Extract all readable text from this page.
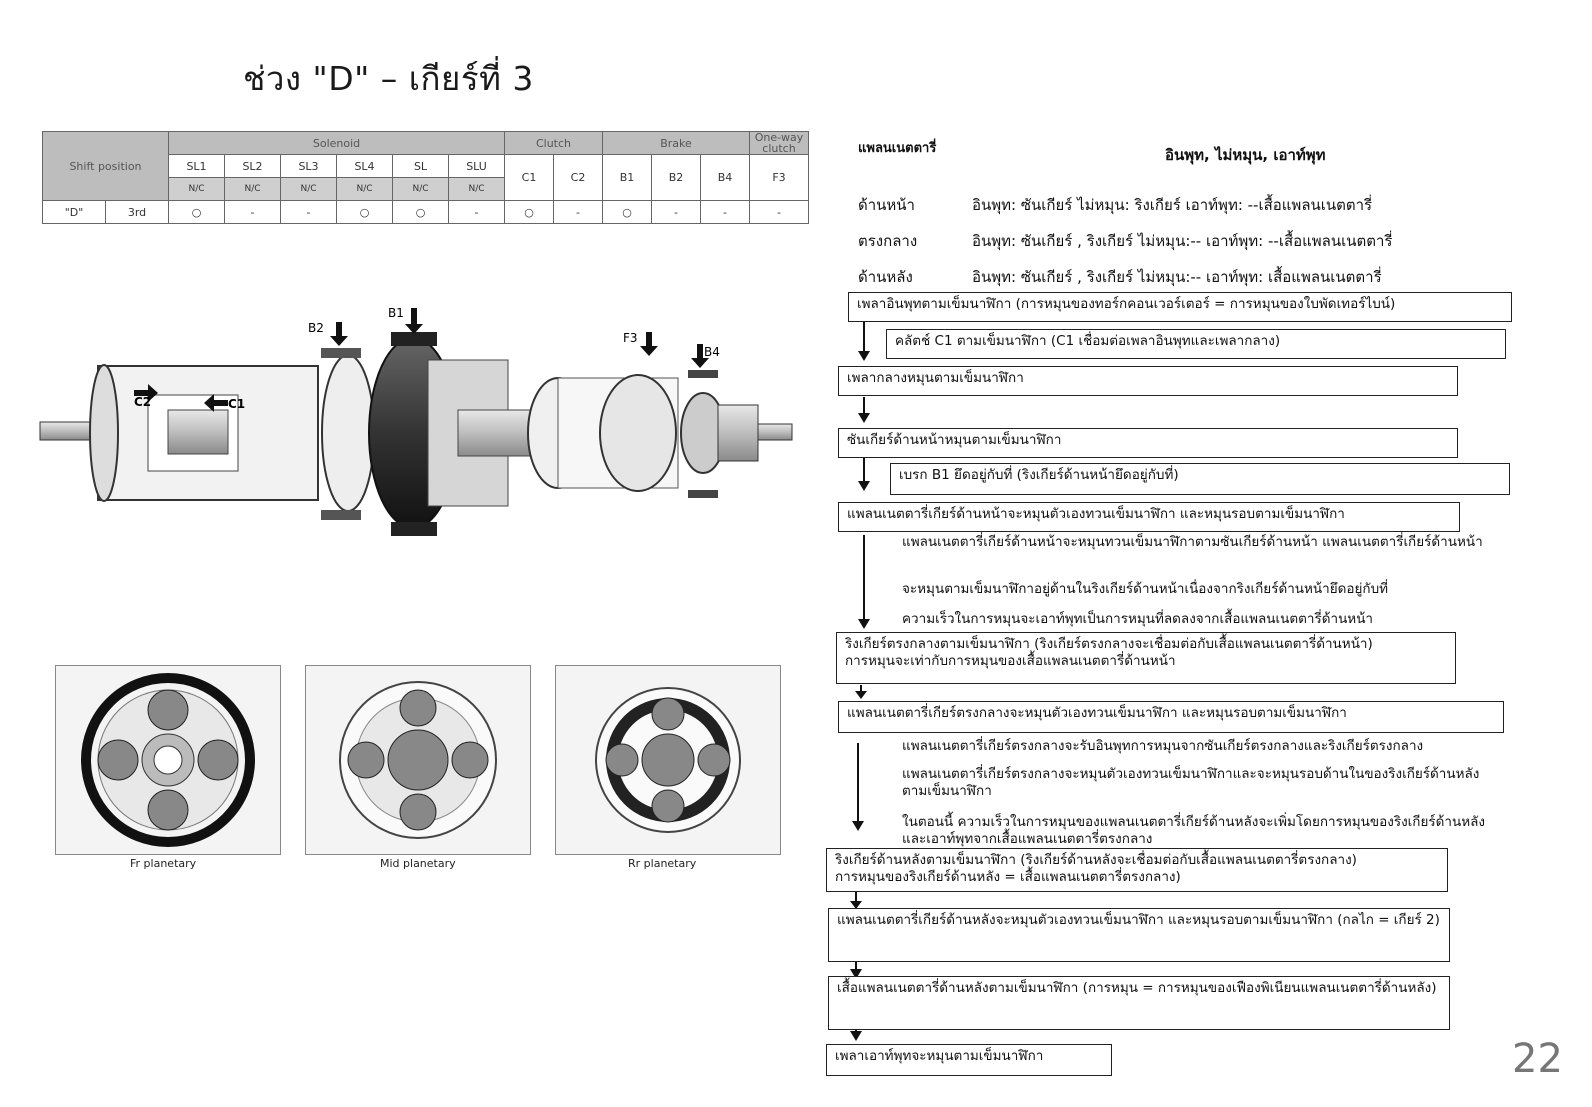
ช่วง "D" – เกียร์ที่ 3
Shift position		Solenoid						Clutch		Brake			One-way clutch
		SL1	SL2	SL3	SL4	SL	SLU	C1	C2	B1	B2	B4	F3
		N/C	N/C	N/C	N/C	N/C	N/C						
"D"	3rd	○	-	-	○	○	-	○	-	○	-	-	-
แพลนเนตตารี่	อินพุท, ไม่หมุน, เอาท์พุท
ด้านหน้า	อินพุท: ซันเกียร์ ไม่หมุน: ริงเกียร์ เอาท์พุท: --เสื้อแพลนเนตตารี่
ตรงกลาง	อินพุท: ซันเกียร์ , ริงเกียร์ ไม่หมุน:-- เอาท์พุท: --เสื้อแพลนเนตตารี่
ด้านหลัง	อินพุท: ซันเกียร์ , ริงเกียร์ ไม่หมุน:-- เอาท์พุท: เสื้อแพลนเนตตารี่
B2
B1
F3
B4
C2	C1
Fr planetary	Mid planetary	Rr planetary
เพลาอินพุทตามเข็มนาฬิกา (การหมุนของทอร์กคอนเวอร์เตอร์ = การหมุนของใบพัดเทอร์ไบน์)
คลัตช์ C1 ตามเข็มนาฬิกา (C1 เชื่อมต่อเพลาอินพุทและเพลากลาง)
เพลากลางหมุนตามเข็มนาฬิกา
ซันเกียร์ด้านหน้าหมุนตามเข็มนาฬิกา
เบรก B1 ยึดอยู่กับที่ (ริงเกียร์ด้านหน้ายึดอยู่กับที่)
แพลนเนตตารี่เกียร์ด้านหน้าจะหมุนตัวเองทวนเข็มนาฬิกา และหมุนรอบตามเข็มนาฬิกา
แพลนเนตตารี่เกียร์ด้านหน้าจะหมุนทวนเข็มนาฬิกาตามซันเกียร์ด้านหน้า แพลนเนตตารี่เกียร์ด้านหน้า
จะหมุนตามเข็มนาฬิกาอยู่ด้านในริงเกียร์ด้านหน้าเนื่องจากริงเกียร์ด้านหน้ายึดอยู่กับที่
ความเร็วในการหมุนจะเอาท์พุทเป็นการหมุนที่ลดลงจากเสื้อแพลนเนตตารี่ด้านหน้า
ริงเกียร์ตรงกลางตามเข็มนาฬิกา (ริงเกียร์ตรงกลางจะเชื่อมต่อกับเสื้อแพลนเนตตารี่ด้านหน้า)
การหมุนจะเท่ากับการหมุนของเสื้อแพลนเนตตารี่ด้านหน้า
แพลนเนตตารี่เกียร์ตรงกลางจะหมุนตัวเองทวนเข็มนาฬิกา และหมุนรอบตามเข็มนาฬิกา
แพลนเนตตารี่เกียร์ตรงกลางจะรับอินพุทการหมุนจากซันเกียร์ตรงกลางและริงเกียร์ตรงกลาง
แพลนเนตตารี่เกียร์ตรงกลางจะหมุนตัวเองทวนเข็มนาฬิกาและจะหมุนรอบด้านในของริงเกียร์ด้านหลังตามเข็มนาฬิกา
ในตอนนี้ ความเร็วในการหมุนของแพลนเนตตารี่เกียร์ด้านหลังจะเพิ่มโดยการหมุนของริงเกียร์ด้านหลังและเอาท์พุทจากเสื้อแพลนเนตตารี่ตรงกลาง
ริงเกียร์ด้านหลังตามเข็มนาฬิกา (ริงเกียร์ด้านหลังจะเชื่อมต่อกับเสื้อแพลนเนตตารี่ตรงกลาง)
การหมุนของริงเกียร์ด้านหลัง = เสื้อแพลนเนตตารี่ตรงกลาง)
แพลนเนตตารี่เกียร์ด้านหลังจะหมุนตัวเองทวนเข็มนาฬิกา และหมุนรอบตามเข็มนาฬิกา (กลไก = เกียร์ 2)
เสื้อแพลนเนตตารี่ด้านหลังตามเข็มนาฬิกา (การหมุน = การหมุนของเฟืองพิเนียนแพลนเนตตารี่ด้านหลัง)
เพลาเอาท์พุทจะหมุนตามเข็มนาฬิกา	22
